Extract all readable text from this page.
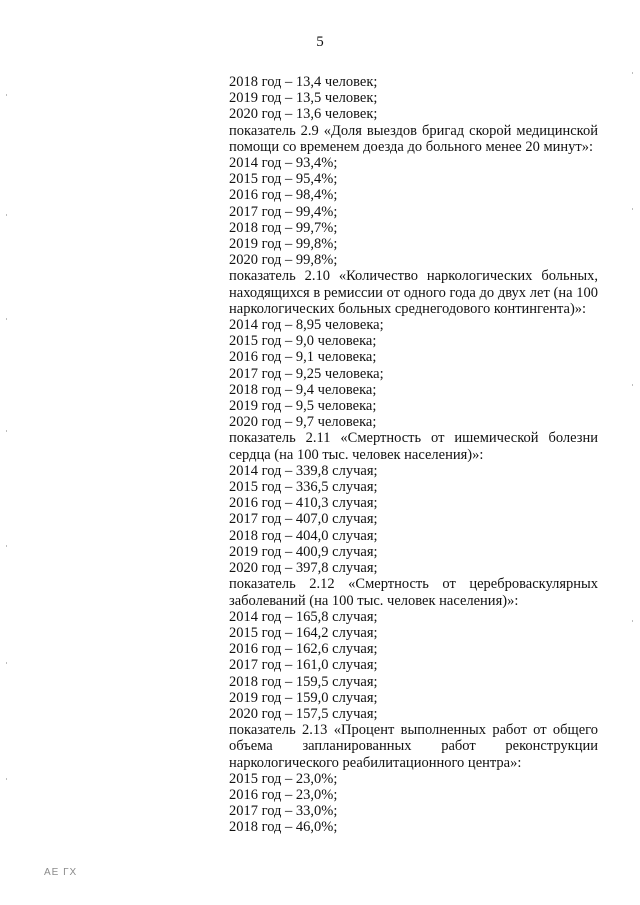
5
2018 год – 13,4 человек;
2019 год – 13,5 человек;
2020 год – 13,6 человек;
показатель 2.9 «Доля выездов бригад скорой медицинской
помощи со временем доезда до больного менее 20 минут»:
2014 год – 93,4%;
2015 год – 95,4%;
2016 год – 98,4%;
2017 год – 99,4%;
2018 год – 99,7%;
2019 год – 99,8%;
2020 год – 99,8%;
показатель 2.10 «Количество наркологических больных,
находящихся в ремиссии от одного года до двух лет (на 100
наркологических больных среднегодового контингента)»:
2014 год – 8,95 человека;
2015 год – 9,0 человека;
2016 год – 9,1 человека;
2017 год – 9,25 человека;
2018 год – 9,4 человека;
2019 год – 9,5 человека;
2020 год – 9,7 человека;
показатель 2.11 «Смертность от ишемической болезни
сердца (на 100 тыс. человек населения)»:
2014 год – 339,8 случая;
2015 год – 336,5 случая;
2016 год – 410,3 случая;
2017 год – 407,0 случая;
2018 год – 404,0 случая;
2019 год – 400,9 случая;
2020 год – 397,8 случая;
показатель 2.12 «Смертность от цереброваскулярных
заболеваний (на 100 тыс. человек населения)»:
2014 год – 165,8 случая;
2015 год – 164,2 случая;
2016 год – 162,6 случая;
2017 год – 161,0 случая;
2018 год – 159,5 случая;
2019 год – 159,0 случая;
2020 год – 157,5 случая;
показатель 2.13 «Процент выполненных работ от общего
объема запланированных работ реконструкции
наркологического реабилитационного центра»:
2015 год – 23,0%;
2016 год – 23,0%;
2017 год – 33,0%;
2018 год – 46,0%;
АЕ ГХ
